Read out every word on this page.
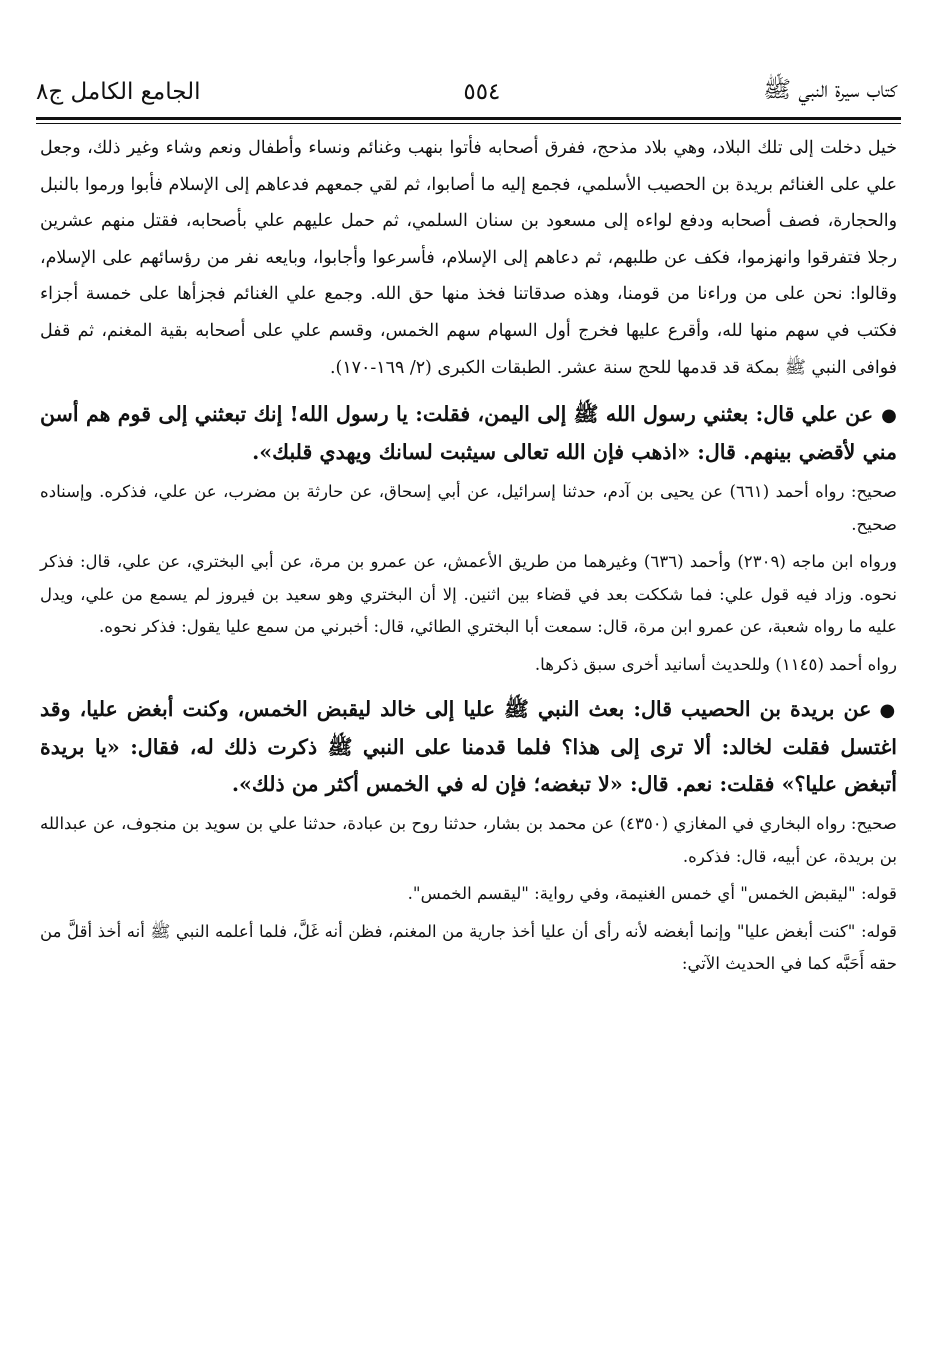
كتاب سيرة النبي ﷺ
٥٥٤
الجامع الكامل ج٨

خيل دخلت إلى تلك البلاد، وهي بلاد مذحج، ففرق أصحابه فأتوا بنهب وغنائم ونساء وأطفال ونعم وشاء وغير ذلك، وجعل علي على الغنائم بريدة بن الحصيب الأسلمي، فجمع إليه ما أصابوا، ثم لقي جمعهم فدعاهم إلى الإسلام فأبوا ورموا بالنبل والحجارة، فصف أصحابه ودفع لواءه إلى مسعود بن سنان السلمي، ثم حمل عليهم علي بأصحابه، فقتل منهم عشرين رجلا فتفرقوا وانهزموا، فكف عن طلبهم، ثم دعاهم إلى الإسلام، فأسرعوا وأجابوا، وبايعه نفر من رؤسائهم على الإسلام، وقالوا: نحن على من وراءنا من قومنا، وهذه صدقاتنا فخذ منها حق الله. وجمع علي الغنائم فجزأها على خمسة أجزاء فكتب في سهم منها لله، وأقرع عليها فخرج أول السهام سهم الخمس، وقسم علي على أصحابه بقية المغنم، ثم قفل فوافى النبي ﷺ بمكة قد قدمها للحج سنة عشر. الطبقات الكبرى (٢/ ١٦٩-١٧٠).

●عن علي قال: بعثني رسول الله ﷺ إلى اليمن، فقلت: يا رسول الله! إنك تبعثني إلى قوم هم أسن مني لأقضي بينهم. قال: «اذهب فإن الله تعالى سيثبت لسانك ويهدي قلبك».

صحيح: رواه أحمد (٦٦١) عن يحيى بن آدم، حدثنا إسرائيل، عن أبي إسحاق، عن حارثة بن مضرب، عن علي، فذكره. وإسناده صحيح.

ورواه ابن ماجه (٢٣٠٩) وأحمد (٦٣٦) وغيرهما من طريق الأعمش، عن عمرو بن مرة، عن أبي البختري، عن علي، قال: فذكر نحوه. وزاد فيه قول علي: فما شككت بعد في قضاء بين اثنين. إلا أن البختري وهو سعيد بن فيروز لم يسمع من علي، ويدل عليه ما رواه شعبة، عن عمرو ابن مرة، قال: سمعت أبا البختري الطائي، قال: أخبرني من سمع عليا يقول: فذكر نحوه.

رواه أحمد (١١٤٥) وللحديث أسانيد أخرى سبق ذكرها.

●عن بريدة بن الحصيب قال: بعث النبي ﷺ عليا إلى خالد ليقبض الخمس، وكنت أبغض عليا، وقد اغتسل فقلت لخالد: ألا ترى إلى هذا؟ فلما قدمنا على النبي ﷺ ذكرت ذلك له، فقال: «يا بريدة أتبغض عليا؟» فقلت: نعم. قال: «لا تبغضه؛ فإن له في الخمس أكثر من ذلك».

صحيح: رواه البخاري في المغازي (٤٣٥٠) عن محمد بن بشار، حدثنا روح بن عبادة، حدثنا علي بن سويد بن منجوف، عن عبدالله بن بريدة، عن أبيه، قال: فذكره.

قوله: "ليقبض الخمس" أي خمس الغنيمة، وفي رواية: "ليقسم الخمس".

قوله: "كنت أبغض عليا" وإنما أبغضه لأنه رأى أن عليا أخذ جارية من المغنم، فظن أنه غَلَّ، فلما أعلمه النبي ﷺ أنه أخذ أقلَّ من حقه أَحَبَّه كما في الحديث الآتي:
